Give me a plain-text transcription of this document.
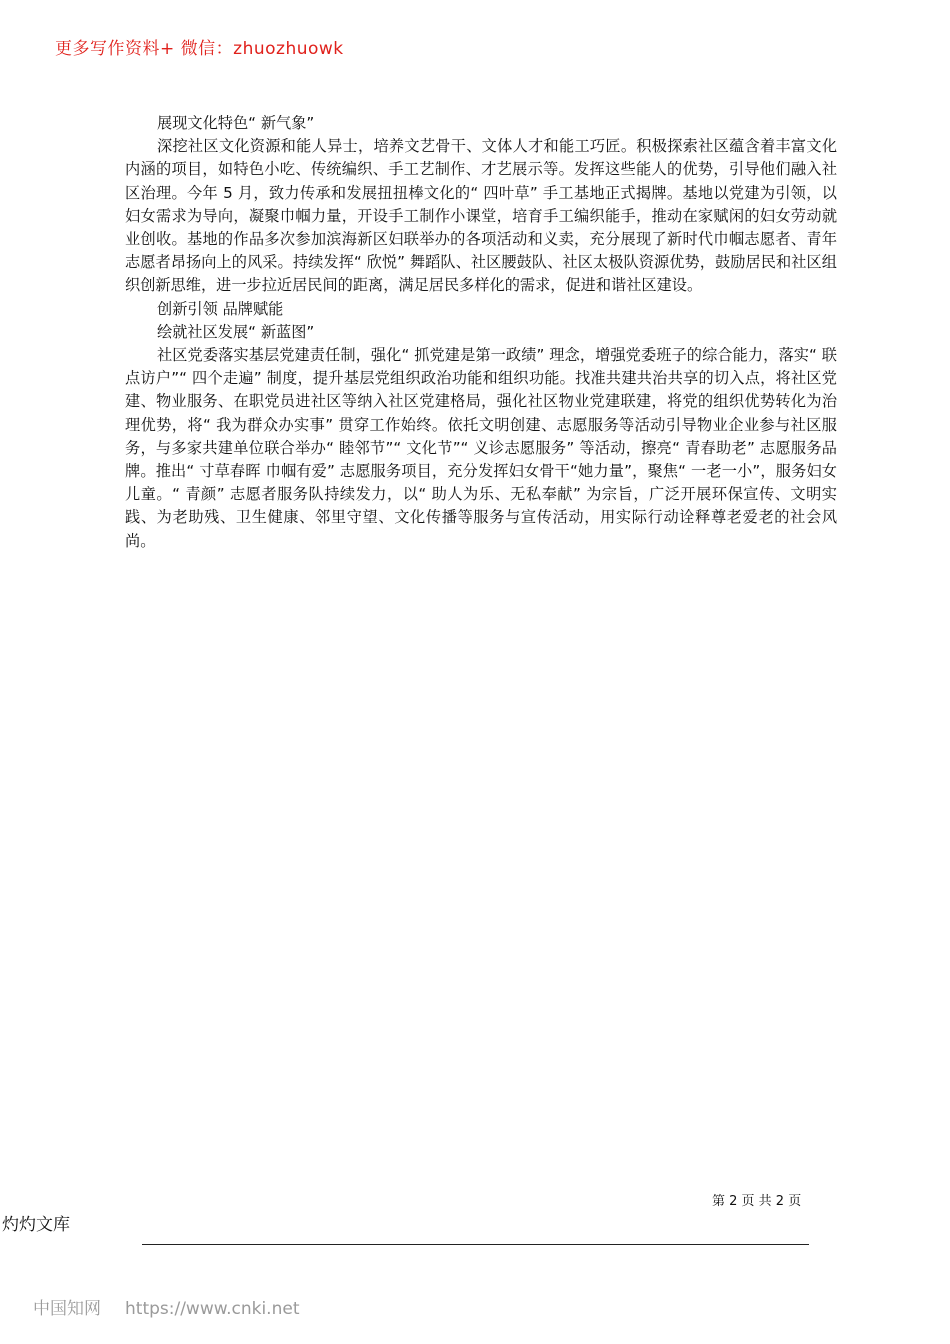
更多写作资料+ 微信：zhuozhuowk

展现文化特色“ 新气象”

深挖社区文化资源和能人异士，培养文艺骨干、文体人才和能工巧匠。积极探索社区蕴含着丰富文化内涵的项目，如特色小吃、传统编织、手工艺制作、才艺展示等。发挥这些能人的优势，引导他们融入社区治理。今年 5 月，致力传承和发展扭扭棒文化的“ 四叶草” 手工基地正式揭牌。基地以党建为引领，以妇女需求为导向，凝聚巾帼力量，开设手工制作小课堂，培育手工编织能手，推动在家赋闲的妇女劳动就业创收。基地的作品多次参加滨海新区妇联举办的各项活动和义卖，充分展现了新时代巾帼志愿者、青年志愿者昂扬向上的风采。持续发挥“ 欣悦” 舞蹈队、社区腰鼓队、社区太极队资源优势，鼓励居民和社区组织创新思维，进一步拉近居民间的距离，满足居民多样化的需求，促进和谐社区建设。

创新引领 品牌赋能

绘就社区发展“ 新蓝图”

社区党委落实基层党建责任制，强化“ 抓党建是第一政绩” 理念，增强党委班子的综合能力，落实“ 联点访户”“ 四个走遍” 制度，提升基层党组织政治功能和组织功能。找准共建共治共享的切入点，将社区党建、物业服务、在职党员进社区等纳入社区党建格局，强化社区物业党建联建，将党的组织优势转化为治理优势，将“ 我为群众办实事” 贯穿工作始终。依托文明创建、志愿服务等活动引导物业企业参与社区服务，与多家共建单位联合举办“ 睦邻节”“ 文化节”“ 义诊志愿服务” 等活动，擦亮“ 青春助老” 志愿服务品牌。推出“ 寸草春晖 巾帼有爱” 志愿服务项目，充分发挥妇女骨干“她力量”，聚焦“ 一老一小”，服务妇女儿童。“ 青颜” 志愿者服务队持续发力，以“ 助人为乐、无私奉献” 为宗旨，广泛开展环保宣传、文明实践、为老助残、卫生健康、邻里守望、文化传播等服务与宣传活动，用实际行动诠释尊老爱老的社会风尚。

第 2 页 共 2 页
灼灼文库
中国知网 https://www.cnki.net
